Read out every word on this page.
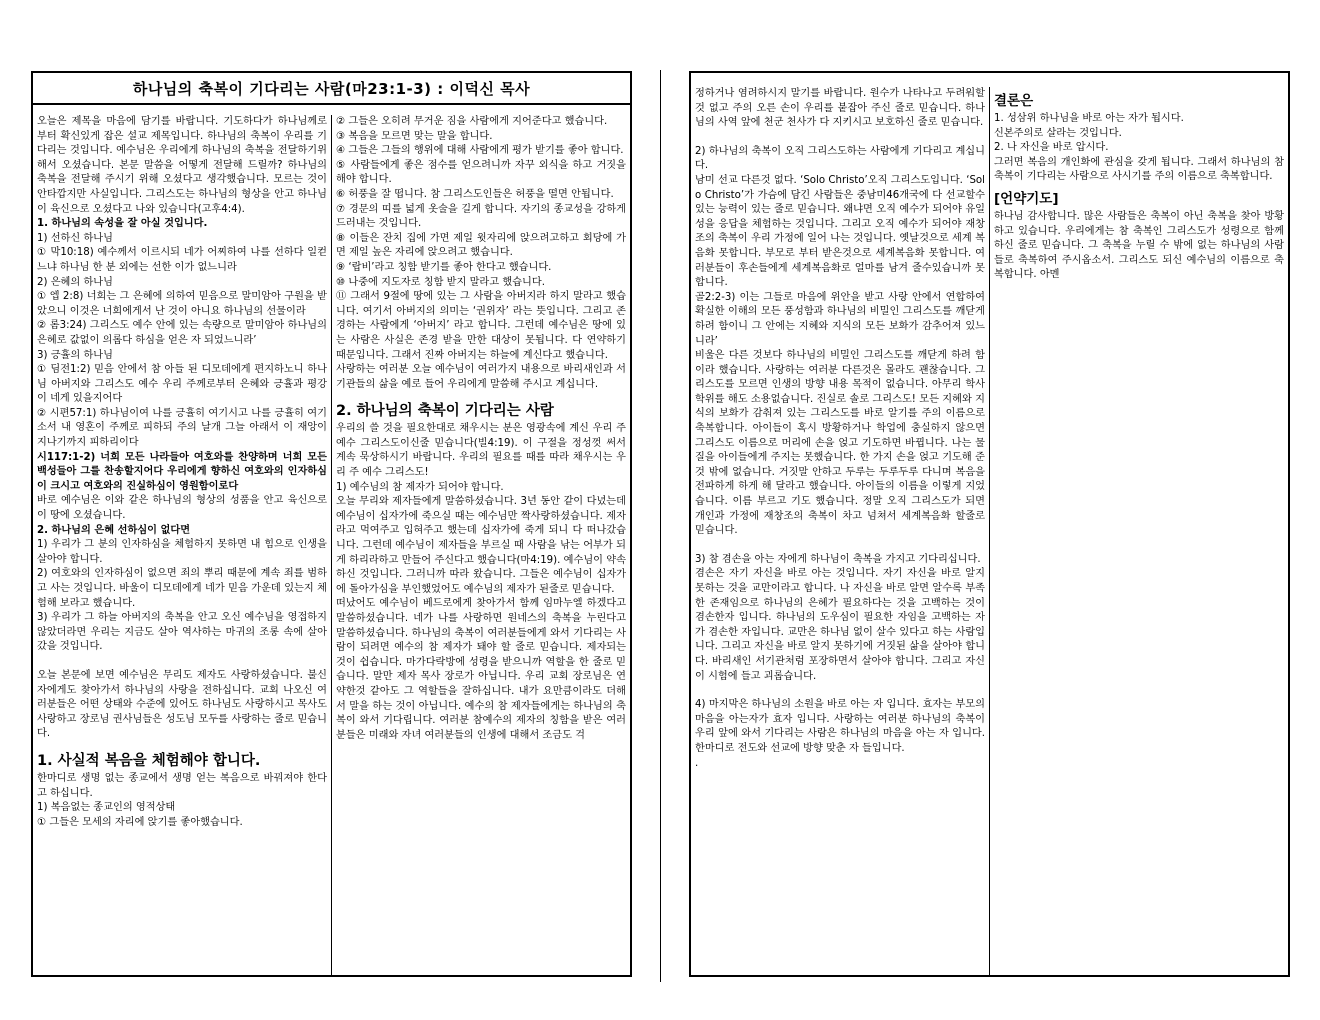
하나님의 축복이 기다리는 사람(마23:1-3) : 이덕신 목사

오늘은 제목을 마음에 담기를 바랍니다. 기도하다가 하나님께로 부터 확신있게 잡은 설교 제목입니다. 하나님의 축복이 우리를 기다리는 것입니다. 예수님은 우리에게 하나님의 축복을 전달하기위해서 오셨습니다. 본문 말씀을 어떻게 전달해 드릴까? 하나님의 축복을 전달해 주시기 위해 오셨다고 생각했습니다. 모르는 것이 안타깝지만 사실입니다. 그리스도는 하나님의 형상을 안고 하나님이 육신으로 오셨다고 나와 있습니다(고후4:4).

1. 하나님의 속성을 잘 아실 것입니다.

1) 선하신 하나님

① 막10:18) 예수께서 이르시되 네가 어찌하여 나를 선하다 일컫느냐 하나님 한 분 외에는 선한 이가 없느니라

2) 은혜의 하나님

① 엡 2:8) 너희는 그 은혜에 의하여 믿음으로 말미암아 구원을 받았으니 이것은 너희에게서 난 것이 아니요 하나님의 선물이라

② 롬3:24) 그리스도 예수 안에 있는 속량으로 말미암아 하나님의 은혜로 값없이 의롭다 하심을 얻은 자 되었느니라’

3) 긍휼의 하나님

① 딤전1:2) 믿음 안에서 참 아들 된 디모데에게 편지하노니 하나님 아버지와 그리스도 예수 우리 주께로부터 은혜와 긍휼과 평강이 네게 있을지어다

② 시편57:1) 하나님이여 나를 긍휼히 여기시고 나를 긍휼히 여기소서 내 영혼이 주께로 피하되 주의 날개 그늘 아래서 이 재앙이 지나기까지 피하리이다

시117:1-2) 너희 모든 나라들아 여호와를 찬양하며 너희 모든 백성들아 그를 찬송할지어다 우리에게 향하신 여호와의 인자하심이 크시고 여호와의 진실하심이 영원함이로다

바로 예수님은 이와 같은 하나님의 형상의 성품을 안고 육신으로 이 땅에 오셨습니다.

2. 하나님의 은혜 선하심이 없다면

1) 우리가 그 분의 인자하심을 체험하지 못하면 내 힘으로 인생을 살아야 합니다.

2) 여호와의 인자하심이 없으면 죄의 뿌리 때문에 계속 죄를 범하고 사는 것입니다. 바울이 디모데에게 네가 믿음 가운데 있는지 체험해 보라고 했습니다.

3) 우리가 그 하늘 아버지의 축복을 안고 오신 예수님을 영접하지 않았더라면 우리는 지금도 살아 역사하는 마귀의 조롱 속에 살아갔을 것입니다.

오늘 본문에 보면 예수님은 무리도 제자도 사랑하셨습니다. 불신자에게도 찾아가서 하나님의 사랑을 전하십니다. 교회 나오신 여러분들은 어떤 상태와 수준에 있어도 하나님도 사랑하시고 목사도 사랑하고 장로님 권사님들은 성도님 모두를 사랑하는 줄로 믿습니다.

1. 사실적 복음을 체험해야 합니다.

한마디로 생명 없는 종교에서 생명 얻는 복음으로 바꿔져야 한다고 하십니다.

1) 복음없는 종교인의 영적상태

① 그들은 모세의 자리에 앉기를 좋아했습니다.

② 그들은 오히려 무거운 짐을 사람에게 지어준다고 했습니다.

③ 복음을 모르면 맞는 말을 합니다.

④ 그들은 그들의 행위에 대해 사람에게 평가 받기를 좋아 합니다.

⑤ 사람들에게 좋은 점수를 얻으려니까 자꾸 외식을 하고 거짓을 해야 합니다.

⑥ 허풍을 잘 떱니다. 참 그리스도인들은 허풍을 떨면 안됩니다.

⑦ 경문의 띠를 넓게 옷술을 길게 합니다. 자기의 종교성을 강하게 드러내는 것입니다.

⑧ 이들은 잔치 집에 가면 제일 윗자리에 앉으려고하고 회당에 가면 제일 높은 자리에 앉으려고 했습니다.

⑨ ‘랍비’라고 칭함 받기를 좋아 한다고 했습니다.

⑩ 나중에 지도자로 칭함 받지 말라고 했습니다.

⑪ 그래서 9절에 땅에 있는 그 사람을 아버지라 하지 말라고 했습니다. 여기서 아버지의 의미는 ‘권위자’ 라는 뜻입니다. 그리고 존경하는 사람에게 ‘아버지’ 라고 합니다. 그런데 예수님은 땅에 있는 사람은 사실은 존경 받을 만한 대상이 못됩니다. 다 연약하기 때문입니다. 그래서 진짜 아버지는 하늘에 계신다고 했습니다.

사랑하는 여러분 오늘 예수님이 여러가지 내용으로 바리새인과 서기관들의 삶을 예로 들어 우리에게 말씀해 주시고 계십니다.

2. 하나님의 축복이 기다리는 사람

우리의 쓸 것을 필요한대로 채우시는 분은 영광속에 계신 우리 주 예수 그리스도이신줄 믿습니다(빌4:19). 이 구절을 정성껏 써서 계속 묵상하시기 바랍니다. 우리의 필요를 때를 따라 채우시는 우리 주 예수 그리스도!

1) 예수님의 참 제자가 되어야 합니다.

오늘 무리와 제자들에게 말씀하셨습니다. 3년 동안 같이 다녔는데 예수님이 십자가에 죽으실 때는 예수님만 짝사랑하셨습니다. 제자라고 먹여주고 입혀주고 했는데 십자가에 죽게 되니 다 떠나갔습니다. 그런데 예수님이 제자들을 부르실 때 사람을 낚는 어부가 되게 하리라하고 만들어 주신다고 했습니다(마4:19). 예수님이 약속하신 것입니다. 그러니까 따라 왔습니다. 그들은 예수님이 십자가에 돌아가심을 부인했었어도 예수님의 제자가 된줄로 믿습니다.

떠났어도 예수님이 베드로에게 찾아가서 함께 임마누엘 하겠다고 말씀하셨습니다. 네가 나를 사랑하면 원네스의 축복을 누린다고 말씀하셨습니다. 하나님의 축복이 여러분들에게 와서 기다리는 사람이 되려면 예수의 참 제자가 돼야 할 줄로 믿습니다. 제자되는 것이 쉽습니다. 마가다락방에 성령을 받으니까 역할을 한 줄로 믿습니다. 말만 제자 목사 장로가 아닙니다. 우리 교회 장로님은 연약한것 같아도 그 역할들을 잘하십니다. 내가 요만큼이라도 더해서 말을 하는 것이 아닙니다. 예수의 참 제자들에게는 하나님의 축복이 와서 기다립니다. 여러분 참예수의 제자의 칭함을 받은 여러분들은 미래와 자녀 여러분들의 인생에 대해서 조금도 걱

정하거나 염려하시지 말기를 바랍니다. 원수가 나타나고 두려워할 것 없고 주의 오른 손이 우리를 붙잡아 주신 줄로 믿습니다. 하나님의 사역 앞에 천군 천사가 다 지키시고 보호하신 줄로 믿습니다.

2) 하나님의 축복이 오직 그리스도하는 사람에게 기다리고 계십니다.

남미 선교 다른것 없다. ‘Solo Christo’오직 그리스도입니다. ‘Solo Christo’가 가슴에 담긴 사람들은 중남미46개국에 다 선교할수 있는 능력이 있는 줄로 믿습니다. 왜냐면 오직 예수가 되어야 유일성을 응답을 체험하는 것입니다. 그리고 오직 예수가 되어야 재창조의 축복이 우리 가정에 일어 나는 것입니다. 옛날것으로 세계 복음화 못합니다. 부모로 부터 받은것으로 세계복음화 못합니다. 여러분들이 후손들에게 세계복음화로 얼마를 남겨 줄수있습니까 못합니다.

골2:2-3) 이는 그들로 마음에 위안을 받고 사랑 안에서 연합하여 확실한 이해의 모든 풍성함과 하나님의 비밀인 그리스도를 깨닫게 하려 함이니 그 안에는 지혜와 지식의 모든 보화가 감추어져 있느니라’

비울은 다른 것보다 하나님의 비밀인 그리스도를 깨닫게 하려 함이라 했습니다. 사랑하는 여러분 다른것은 몰라도 괜찮습니다. 그리스도를 모르면 인생의 방향 내용 목적이 없습니다. 아무리 학사학위를 해도 소용없습니다. 진실로 솔로 그리스도! 모든 지혜와 지식의 보화가 감춰져 있는 그리스도를 바로 알기를 주의 이름으로 축복합니다. 아이들이 혹시 방황하거나 학업에 충실하지 않으면 그리스도 이름으로 머리에 손을 얹고 기도하면 바뀝니다. 나는 물질을 아이들에게 주지는 못했습니다. 한 가지 손을 얹고 기도해 준것 밖에 없습니다. 거짓말 안하고 두루는 두루두루 다니며 복음을 전파하게 하게 해 달라고 했습니다. 아이들의 이름을 이렇게 지었습니다. 이름 부르고 기도 했습니다. 정말 오직 그리스도가 되면 개인과 가정에 재창조의 축복이 차고 넘쳐서 세계복음화 할줄로 믿습니다.

3) 참 겸손을 아는 자에게 하나님이 축복을 가지고 기다리십니다.

겸손은 자기 자신을 바로 아는 것입니다. 자기 자신을 바로 알지 못하는 것을 교만이라고 합니다. 나 자신을 바로 알면 알수록 부족한 존재임으로 하나님의 은혜가 필요하다는 것을 고백하는 것이 겸손한자 입니다. 하나님의 도우심이 필요한 자임을 고백하는 자가 겸손한 자입니다. 교만은 하나님 없이 살수 있다고 하는 사람입니다. 그리고 자신을 바로 알지 못하기에 거짓된 삶을 살아야 합니다. 바리새인 서기관처럼 포장하면서 살아야 합니다. 그리고 자신이 시험에 들고 괴롭습니다.

4) 마지막은 하나님의 소원을 바로 아는 자 입니다. 효자는 부모의 마음을 아는자가 효자 입니다. 사랑하는 여러분 하나님의 축복이 우리 앞에 와서 기다리는 사람은 하나님의 마음을 아는 자 입니다. 한마디로 전도와 선교에 방향 맞춘 자 들입니다.

.

결론은

1. 성삼위 하나님을 바로 아는 자가 됩시다.

신본주의로 살라는 것입니다.

2. 나 자신을 바로 압시다.

그러면 복음의 개인화에 관심을 갖게 됩니다. 그래서 하나님의 참 축복이 기다리는 사람으로 사시기를 주의 이름으로 축복합니다.

[언약기도]

하나님 감사합니다. 많은 사람들은 축복이 아닌 축복을 찾아 방황하고 있습니다. 우리에게는 참 축복인 그리스도가 성령으로 함께 하신 줄로 믿습니다. 그 축복을 누릴 수 밖에 없는 하나님의 사람들로 축복하여 주시옵소서. 그리스도 되신 예수님의 이름으로 축복합니다. 아멘
